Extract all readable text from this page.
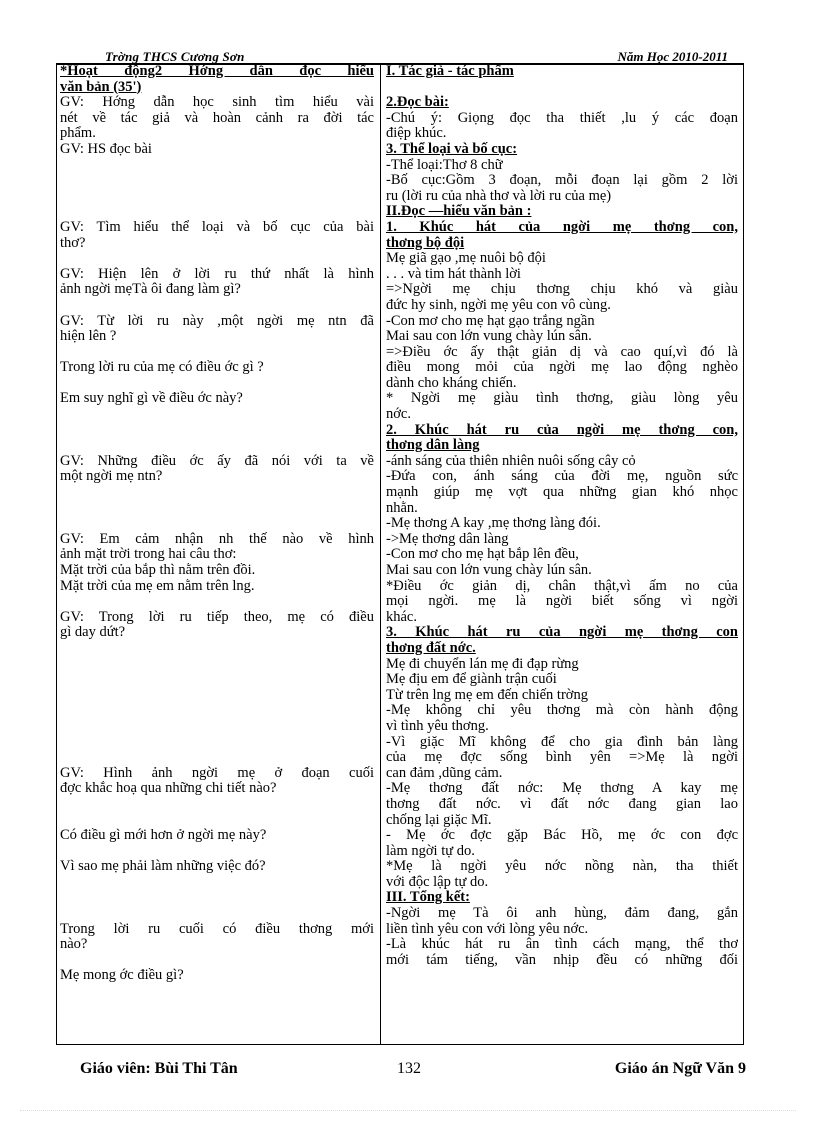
Trờng THCS Cương Sơn	Năm Học 2010-2011
*Hoạt động2 Hớng dẫn đọc hiểu
văn bản (35')
GV: Hớng dẫn học sinh tìm hiểu vài
nét về tác giả và hoàn cảnh ra đời tác
phẩm.
GV: HS đọc bài
GV: Tìm hiểu thể loại và bố cục của bài
thơ?
GV: Hiện lên ở lời ru thứ nhất là hình
ảnh ngời mẹTà ôi đang làm gì?
GV: Từ lời ru này ,một ngời mẹ ntn đã
hiện lên ?
Trong lời ru của mẹ có điều ớc gì ?
Em suy nghĩ gì về điều ớc này?
GV: Những điều ớc ấy đã nói với ta về
một ngời mẹ ntn?
GV: Em cảm nhận nh thế nào về hình
ảnh mặt trời trong hai câu thơ:
Mặt trời của bắp thì nằm trên đồi.
Mặt trời của mẹ em nằm trên lng.
GV: Trong lời ru tiếp theo, mẹ có điều
gì day dứt?
GV: Hình ảnh ngời mẹ ở đoạn cuối
đợc khắc hoạ qua những chi tiết nào?
Có điều gì mới hơn ở ngời mẹ này?
Vì sao mẹ phải làm những việc đó?
Trong lời ru cuối có điều thơng mới
nào?
Mẹ mong ớc điều gì?
I. Tác giả - tác phẩm
2.Đọc bài:
-Chú ý: Giọng đọc tha thiết ,lu ý các đoạn
điệp khúc.
3. Thể loại và bố cục:
-Thể loại:Thơ 8 chữ
-Bố cục:Gồm 3 đoạn, mỗi đoạn lại gồm 2 lời
ru (lời ru của nhà thơ và lời ru của mẹ)
II.Đọc —hiểu văn bản :
1. Khúc hát của ngời mẹ thơng con,
thơng bộ đội
Mẹ giã gạo ,mẹ nuôi bộ đội
. . . và tim hát thành lời
=>Ngời mẹ chịu thơng chịu khó và giàu
đức hy sinh, ngời mẹ yêu con vô cùng.
-Con mơ cho mẹ hạt gạo trắng ngần
Mai sau con lớn vung chày lún sân.
=>Điều ớc ấy thật giản dị và cao quí,vì đó là
điều mong mỏi của ngời mẹ lao động nghèo
dành cho kháng chiến.
* Ngời mẹ giàu tình thơng, giàu lòng yêu
nớc.
2. Khúc hát ru của ngời mẹ thơng con,
thơng dân làng
-ánh sáng của thiên nhiên nuôi sống cây cỏ
-Đứa con, ánh sáng của đời mẹ, nguồn sức
mạnh giúp mẹ vợt qua những gian khó nhọc
nhằn.
-Mẹ thơng A kay ,mẹ thơng làng đói.
->Mẹ thơng dân làng
-Con mơ cho mẹ hạt bắp lên đều,
Mai sau con lớn vung chày lún sân.
*Điều ớc giản dị, chân thật,vì ấm no của
mọi ngời. mẹ là ngời biết sống vì ngời
khác.
3. Khúc hát ru của ngời mẹ thơng con
thơng đất nớc.
Mẹ đi chuyển lán mẹ đi đạp rừng
Mẹ địu em để giành trận cuối
Từ trên lng mẹ em đến chiến trờng
-Mẹ không chỉ yêu thơng mà còn hành động
vì tình yêu thơng.
-Vì giặc Mĩ không để cho gia đình bản làng
của mẹ đợc sống bình yên =>Mẹ là ngời
can đảm ,dũng cảm.
-Mẹ thơng đất nớc: Mẹ thơng A kay mẹ
thơng đất nớc. vì đất nớc đang gian lao
chống lại giặc Mĩ.
- Mẹ ớc đợc gặp Bác Hồ, mẹ ớc con đợc
làm ngời tự do.
*Mẹ là ngời yêu nớc nồng nàn, tha thiết
với độc lập tự do.
III. Tổng kết:
-Ngời mẹ Tà ôi anh hùng, đảm đang, gắn
liền tình yêu con với lòng yêu nớc.
-Là khúc hát ru ân tình cách mạng, thể thơ
mới tám tiếng, vần nhịp đều có những đối
Giáo viên: Bùi Thi Tân	132	Giáo án Ngữ Văn 9
